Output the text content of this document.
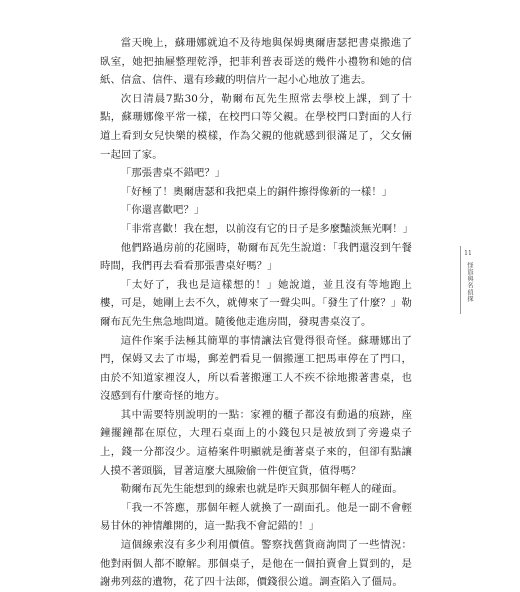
當天晚上，蘇珊娜就迫不及待地與保姆奧爾唐瑟把書桌搬進了臥室，她把抽屜整理乾淨，把菲利普表哥送的幾件小禮物和她的信紙、信盒、信件、還有珍藏的明信片一起小心地放了進去。

次日清晨7點30分，勒爾布瓦先生照常去學校上課，到了十點，蘇珊娜像平常一樣，在校門口等父親。在學校門口對面的人行道上看到女兒快樂的模樣，作為父親的他就感到很滿足了，父女倆一起回了家。

「那張書桌不錯吧？」

「好極了！奧爾唐瑟和我把桌上的銅件擦得像新的一樣！」

「你還喜歡吧？」

「非常喜歡！我在想，以前沒有它的日子是多麼豔淡無光啊！」

他們路過房前的花園時，勒爾布瓦先生說道：「我們還沒到午餐時間，我們再去看看那張書桌好嗎？」

「太好了，我也是這樣想的！」她說道，並且沒有等地跑上樓，可是，她剛上去不久，就傳來了一聲尖叫。「發生了什麼？」勒爾布瓦先生焦急地問道。隨後他走進房間，發現書桌沒了。

這件作案手法極其簡單的事情讓法官覺得很奇怪。蘇珊娜出了門，保姆又去了市場，郵差們看見一個搬運工把馬車停在了門口，由於不知道家裡沒人，所以看著搬運工人不疾不徐地搬著書桌，也沒感到有什麼奇怪的地方。

其中需要特別說明的一點：家裡的櫃子都沒有動過的痕跡，座鐘擺鐘都在原位，大理石桌面上的小錢包只是被放到了旁邊桌子上，錢一分都沒少。這椿案件明顯就是衝著桌子來的，但卻有點讓人摸不著頭腦，冒著這麼大風險偷一件便宜貨，值得嗎？

勒爾布瓦先生能想到的線索也就是昨天與那個年輕人的碰面。

「我一不答應，那個年輕人就換了一副面孔。他是一副不會輕易甘休的神情離開的，這一點我不會記錯的！」

這個線索沒有多少利用價值。警察找舊貨商詢問了一些情況：他對兩個人都不瞭解。那個桌子，是他在一個拍賣會上買到的，是謝弗列茲的遺物，花了四十法郎，價錢很公道。調查陷入了僵局。

11
怪盜與名偵探
